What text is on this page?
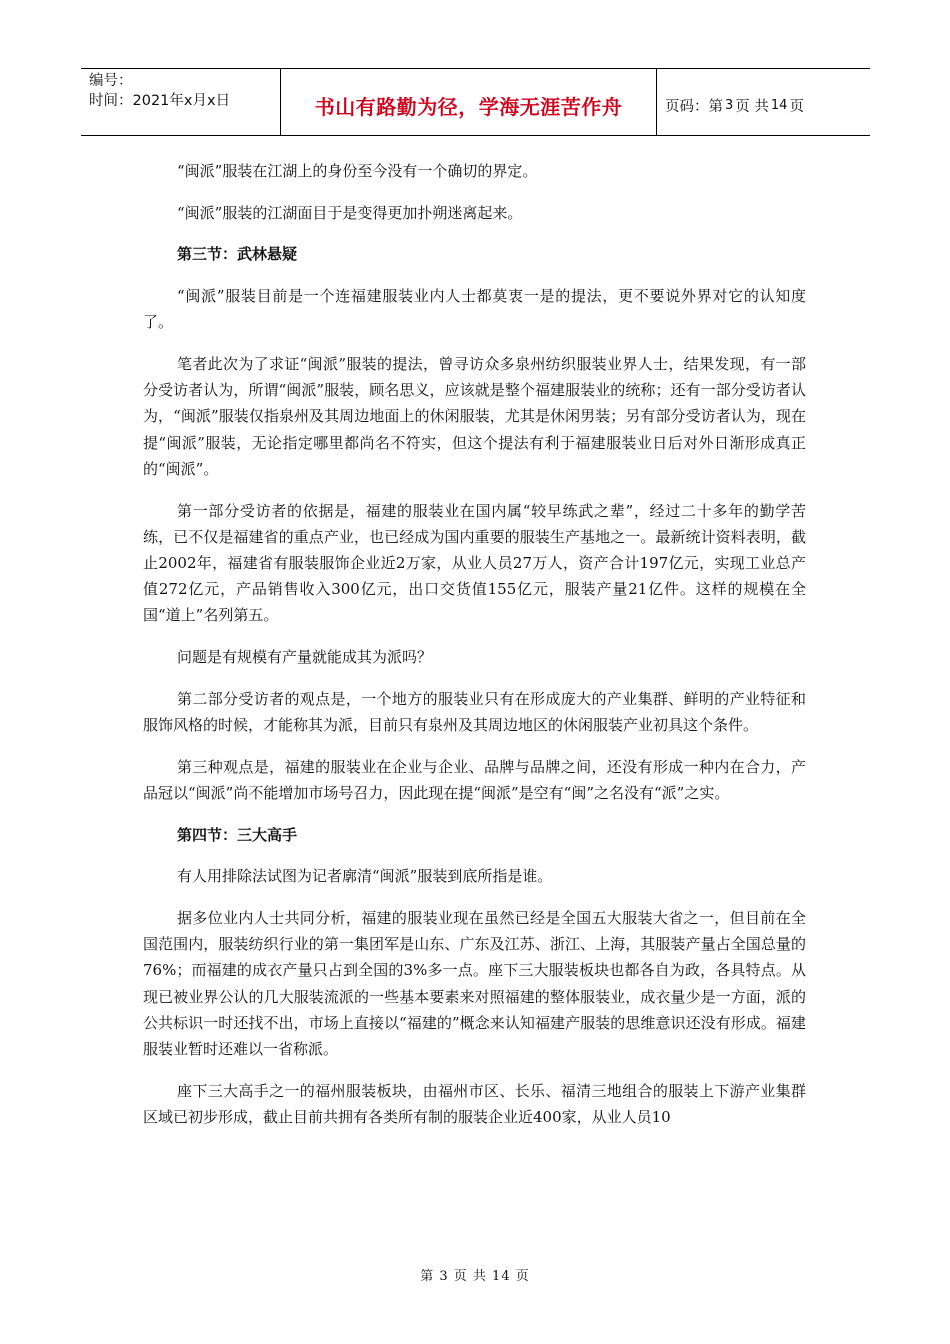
编号：
时间：2021年x月x日	书山有路勤为径，学海无涯苦作舟	页码：第 3 页 共 14 页

“闽派”服装在江湖上的身份至今没有一个确切的界定。

“闽派”服装的江湖面目于是变得更加扑朔迷离起来。

第三节：武林悬疑

“闽派”服装目前是一个连福建服装业内人士都莫衷一是的提法，更不要说外界对它的认知度了。

笔者此次为了求证“闽派”服装的提法，曾寻访众多泉州纺织服装业界人士，结果发现，有一部分受访者认为，所谓“闽派”服装，顾名思义，应该就是整个福建服装业的统称；还有一部分受访者认为，“闽派”服装仅指泉州及其周边地面上的休闲服装，尤其是休闲男装；另有部分受访者认为，现在提“闽派”服装，无论指定哪里都尚名不符实，但这个提法有利于福建服装业日后对外日渐形成真正的“闽派”。

第一部分受访者的依据是，福建的服装业在国内属“较早练武之辈”，经过二十多年的勤学苦练，已不仅是福建省的重点产业，也已经成为国内重要的服装生产基地之一。最新统计资料表明，截止2002年，福建省有服装服饰企业近2万家，从业人员27万人，资产合计197亿元，实现工业总产值272亿元，产品销售收入300亿元，出口交货值155亿元，服装产量21亿件。这样的规模在全国“道上”名列第五。

问题是有规模有产量就能成其为派吗？

第二部分受访者的观点是，一个地方的服装业只有在形成庞大的产业集群、鲜明的产业特征和服饰风格的时候，才能称其为派，目前只有泉州及其周边地区的休闲服装产业初具这个条件。

第三种观点是，福建的服装业在企业与企业、品牌与品牌之间，还没有形成一种内在合力，产品冠以“闽派”尚不能增加市场号召力，因此现在提“闽派”是空有“闽”之名没有“派”之实。

第四节：三大高手

有人用排除法试图为记者廓清“闽派”服装到底所指是谁。

据多位业内人士共同分析，福建的服装业现在虽然已经是全国五大服装大省之一，但目前在全国范围内，服装纺织行业的第一集团军是山东、广东及江苏、浙江、上海，其服装产量占全国总量的76%；而福建的成衣产量只占到全国的3%多一点。座下三大服装板块也都各自为政，各具特点。从现已被业界公认的几大服装流派的一些基本要素来对照福建的整体服装业，成衣量少是一方面，派的公共标识一时还找不出，市场上直接以“福建的”概念来认知福建产服装的思维意识还没有形成。福建服装业暂时还难以一省称派。

座下三大高手之一的福州服装板块，由福州市区、长乐、福清三地组合的服装上下游产业集群区域已初步形成，截止目前共拥有各类所有制的服装企业近400家，从业人员10

第 3 页 共 14 页
